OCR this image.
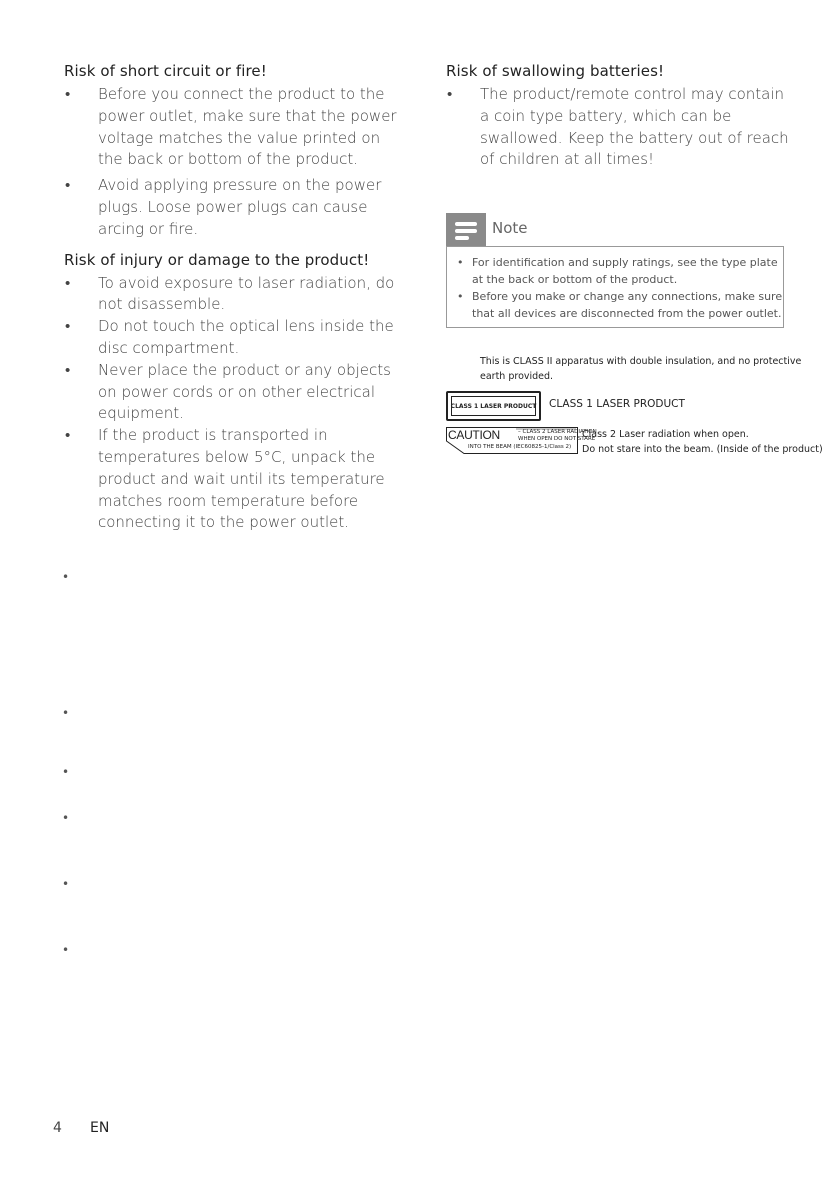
Risk of short circuit or fire!
• Before you connect the product to the power outlet, make sure that the power voltage matches the value printed on the back or bottom of the product.
• Avoid applying pressure on the power plugs. Loose power plugs can cause arcing or fire.
Risk of injury or damage to the product!
• To avoid exposure to laser radiation, do not disassemble.
• Do not touch the optical lens inside the disc compartment.
• Never place the product or any objects on power cords or on other electrical equipment.
• If the product is transported in temperatures below 5°C, unpack the product and wait until its temperature matches room temperature before connecting it to the power outlet.
•
•
•
•
•
•
Risk of swallowing batteries!
• The product/remote control may contain a coin type battery, which can be swallowed. Keep the battery out of reach of children at all times!
Note
• For identification and supply ratings, see the type plate at the back or bottom of the product.
• Before you make or change any connections, make sure that all devices are disconnected from the power outlet.
This is CLASS II apparatus with double insulation, and no protective earth provided.
CLASS 1 LASER PRODUCT CLASS 1 LASER PRODUCT
CAUTION	– CLASS 2 LASER RADIATION
WHEN OPEN DO NOT STARE
INTO THE BEAM (IEC60825-1/Class 2)
Class 2 Laser radiation when open.
Do not stare into the beam. (Inside of the product)
4 EN
